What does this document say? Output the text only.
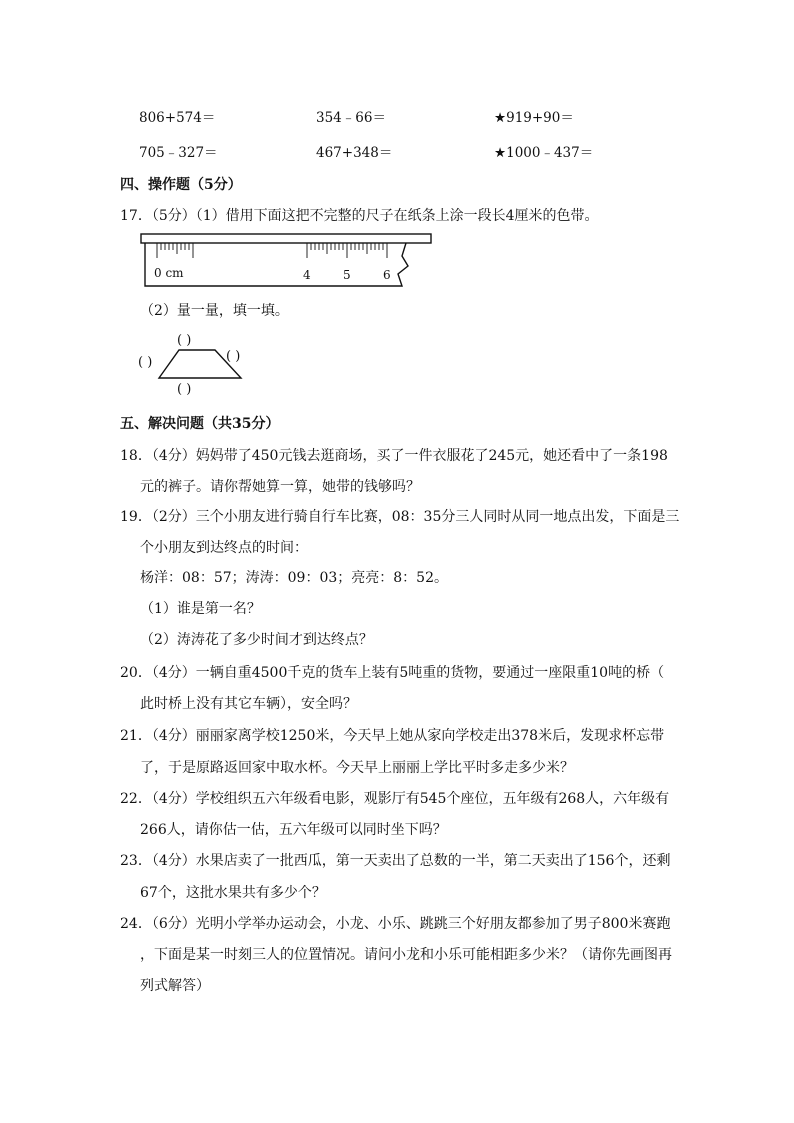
806+574＝	354﹣66＝	★919+90＝
705﹣327＝	467+348＝	★1000﹣437＝
四、操作题（5分）
17．（5分）（1）借用下面这把不完整的尺子在纸条上涂一段长4厘米的色带。
0 cm	4	5	6
（2）量一量，填一填。
( )
( )	( )
( )
五、解决问题（共35分）
18．（4分）妈妈带了450元钱去逛商场，买了一件衣服花了245元，她还看中了一条198
元的裤子。请你帮她算一算，她带的钱够吗？
19．（2分）三个小朋友进行骑自行车比赛，08：35分三人同时从同一地点出发，下面是三
个小朋友到达终点的时间：
杨洋：08：57；涛涛：09：03；亮亮：8：52。
（1）谁是第一名？
（2）涛涛花了多少时间才到达终点？
20．（4分）一辆自重4500千克的货车上装有5吨重的货物，要通过一座限重10吨的桥（
此时桥上没有其它车辆），安全吗？
21．（4分）丽丽家离学校1250米，今天早上她从家向学校走出378米后，发现求杯忘带
了，于是原路返回家中取水杯。今天早上丽丽上学比平时多走多少米？
22．（4分）学校组织五六年级看电影，观影厅有545个座位，五年级有268人，六年级有
266人，请你估一估，五六年级可以同时坐下吗？
23．（4分）水果店卖了一批西瓜，第一天卖出了总数的一半，第二天卖出了156个，还剩
67个，这批水果共有多少个？
24．（6分）光明小学举办运动会，小龙、小乐、跳跳三个好朋友都参加了男子800米赛跑
，下面是某一时刻三人的位置情况。请问小龙和小乐可能相距多少米？（请你先画图再
列式解答）
